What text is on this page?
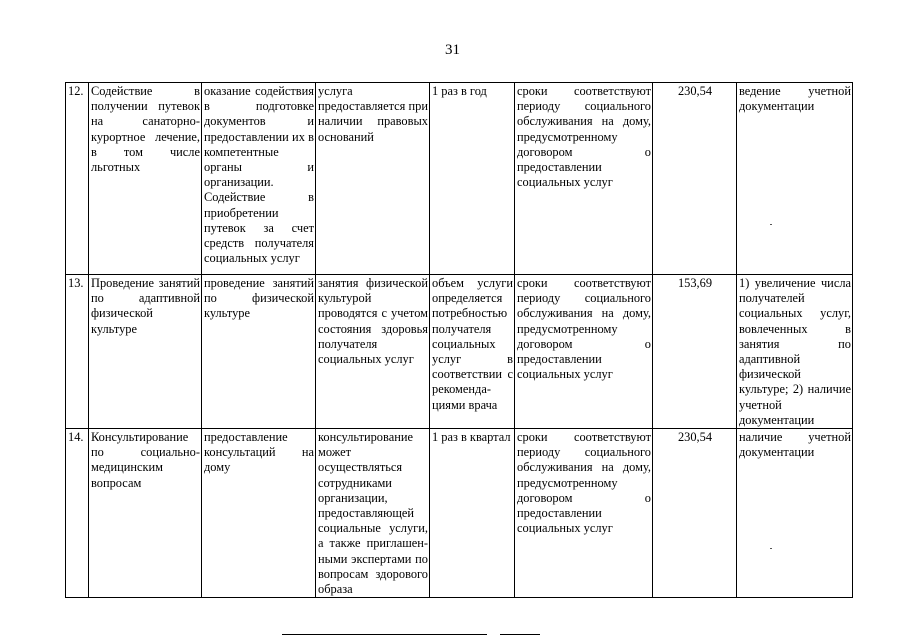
31
12.	Содействие в получении путевок на санаторно-курортное лечение, в том числе льготных	оказание содействия в подготовке документов и предоставлении их в компетентные органы и организации. Содействие в приобретении путевок за счет средств получателя социальных услуг	услуга предоставляется при наличии правовых оснований	1 раз в год	сроки соответствуют периоду социального обслуживания на дому, предусмотренному договором о предоставлении социальных услуг	230,54	ведение учетной документации
13.	Проведение занятий по адаптивной физической культуре	проведение занятий по физической культуре	занятия физической культурой проводятся с учетом состояния здоровья получателя социальных услуг	объем услуги определяется потребностью получателя социальных услуг в соответствии с рекоменда- циями врача	сроки соответствуют периоду социального обслуживания на дому, предусмотренному договором о предоставлении социальных услуг	153,69	1) увеличение числа получателей социальных услуг, вовлеченных в занятия по адаптивной физической культуре; 2) наличие учетной документации
14.	Консультирование по социально-медицинским вопросам	предоставление консультаций на дому	консультирование может осуществляться сотрудниками организации, предоставляющей социальные услуги, а также приглашен- ными экспертами по вопросам здорового образа	1 раз в квартал	сроки соответствуют периоду социального обслуживания на дому, предусмотренному договором о предоставлении социальных услуг	230,54	наличие учетной документации
